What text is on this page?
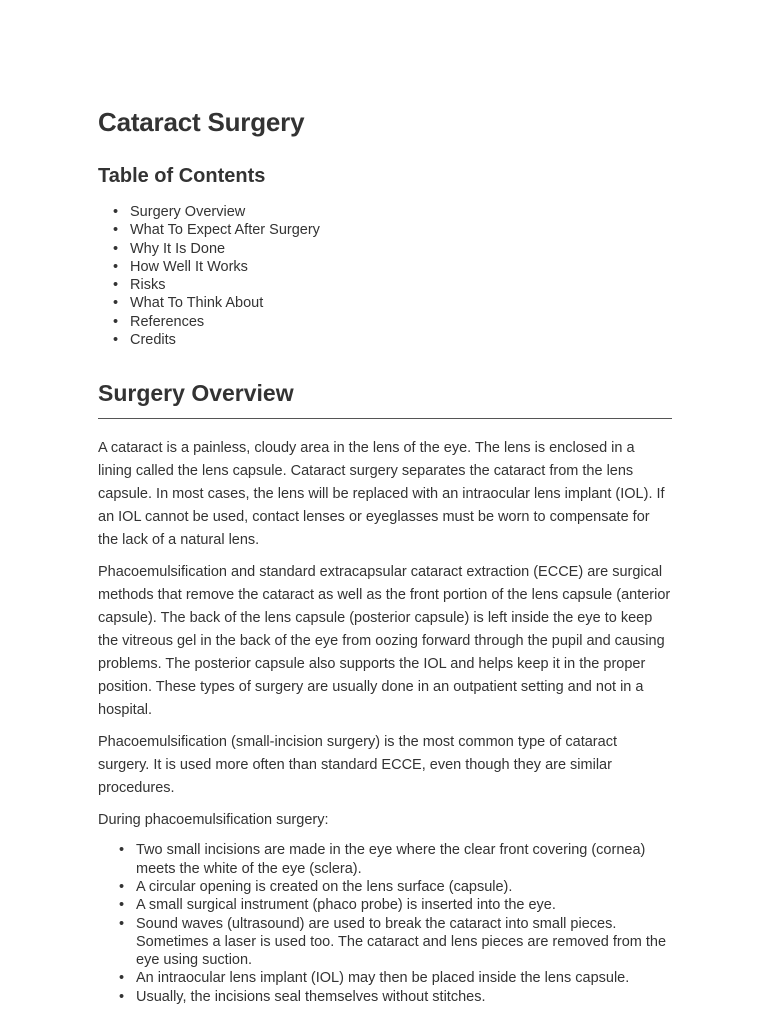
Cataract Surgery
Table of Contents
• Surgery Overview
• What To Expect After Surgery
• Why It Is Done
• How Well It Works
• Risks
• What To Think About
• References
• Credits
Surgery Overview

A cataract is a painless, cloudy area in the lens of the eye. The lens is enclosed in a lining called the lens capsule. Cataract surgery separates the cataract from the lens capsule. In most cases, the lens will be replaced with an intraocular lens implant (IOL). If an IOL cannot be used, contact lenses or eyeglasses must be worn to compensate for the lack of a natural lens.

Phacoemulsification and standard extracapsular cataract extraction (ECCE) are surgical methods that remove the cataract as well as the front portion of the lens capsule (anterior capsule). The back of the lens capsule (posterior capsule) is left inside the eye to keep the vitreous gel in the back of the eye from oozing forward through the pupil and causing problems. The posterior capsule also supports the IOL and helps keep it in the proper position. These types of surgery are usually done in an outpatient setting and not in a hospital.

Phacoemulsification (small-incision surgery) is the most common type of cataract surgery. It is used more often than standard ECCE, even though they are similar procedures.

During phacoemulsification surgery:

• Two small incisions are made in the eye where the clear front covering (cornea) meets the white of the eye (sclera).
• A circular opening is created on the lens surface (capsule).
• A small surgical instrument (phaco probe) is inserted into the eye.
• Sound waves (ultrasound) are used to break the cataract into small pieces. Sometimes a laser is used too. The cataract and lens pieces are removed from the eye using suction.
• An intraocular lens implant (IOL) may then be placed inside the lens capsule.
• Usually, the incisions seal themselves without stitches.
